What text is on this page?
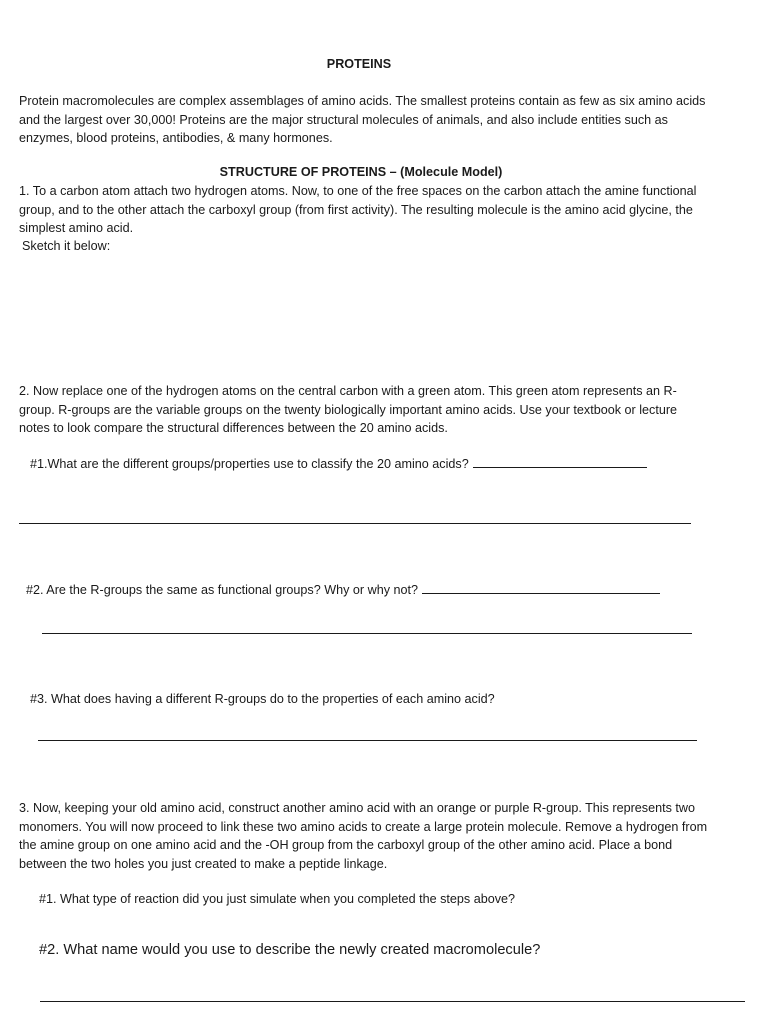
PROTEINS

Protein macromolecules are complex assemblages of amino acids. The smallest proteins contain as few as six amino acids and the largest over 30,000! Proteins are the major structural molecules of animals, and also include entities such as enzymes, blood proteins, antibodies, & many hormones.

STRUCTURE OF PROTEINS – (Molecule Model)

1. To a carbon atom attach two hydrogen atoms. Now, to one of the free spaces on the carbon attach the amine functional group, and to the other attach the carboxyl group (from first activity). The resulting molecule is the amino acid glycine, the simplest amino acid.

Sketch it below:

2. Now replace one of the hydrogen atoms on the central carbon with a green atom. This green atom represents an R-group. R-groups are the variable groups on the twenty biologically important amino acids. Use your textbook or lecture notes to look compare the structural differences between the 20 amino acids.

#1.What are the different groups/properties use to classify the 20 amino acids?
#2. Are the R-groups the same as functional groups? Why or why not?
#3. What does having a different R-groups do to the properties of each amino acid?

3. Now, keeping your old amino acid, construct another amino acid with an orange or purple R-group. This represents two monomers. You will now proceed to link these two amino acids to create a large protein molecule. Remove a hydrogen from the amine group on one amino acid and the -OH group from the carboxyl group of the other amino acid. Place a bond between the two holes you just created to make a peptide linkage.

#1. What type of reaction did you just simulate when you completed the steps above?
#2. What name would you use to describe the newly created macromolecule?
